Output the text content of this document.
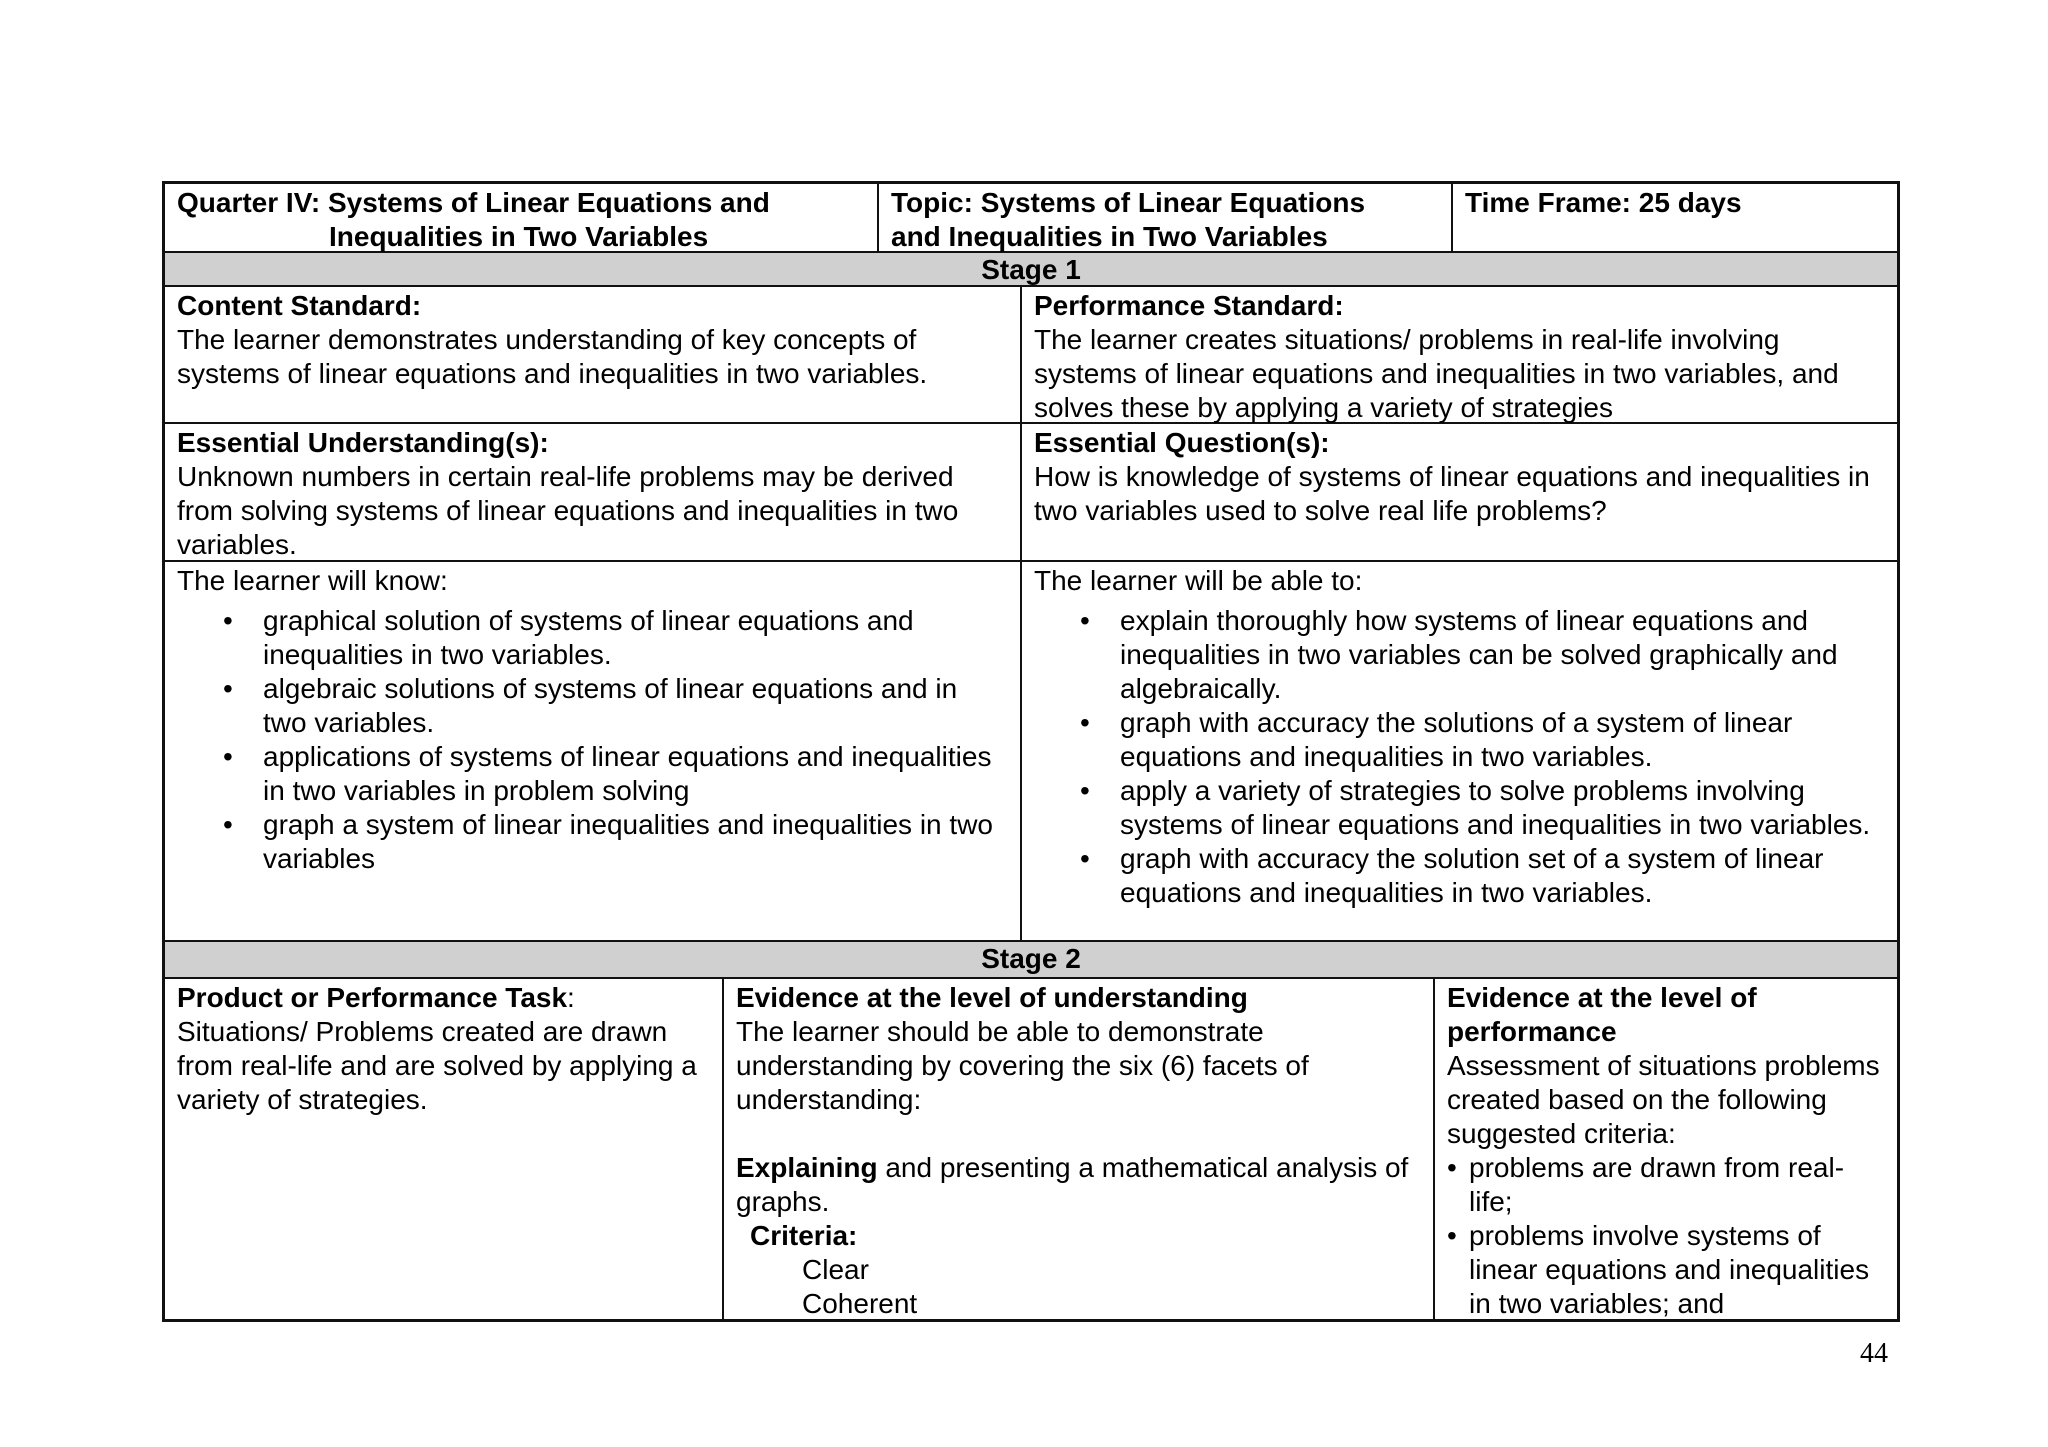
Quarter IV: Systems of Linear Equations and
Inequalities in Two Variables
Topic: Systems of Linear Equations
and Inequalities in Two Variables
Time Frame: 25 days
Stage 1
Content Standard:
The learner demonstrates understanding of key concepts of systems of linear equations and inequalities in two variables.
Performance Standard:
The learner creates situations/ problems in real-life involving systems of linear equations and inequalities in two variables, and solves these by applying a variety of strategies
Essential Understanding(s):
Unknown numbers in certain real-life problems may be derived from solving systems of linear equations and inequalities in two variables.
Essential Question(s):
How is knowledge of systems of linear equations and inequalities in two variables used to solve real life problems?
The learner will know:
• graphical solution of systems of linear equations and inequalities in two variables.
• algebraic solutions of systems of linear equations and in two variables.
• applications of systems of linear equations and inequalities in two variables in problem solving
• graph a system of linear inequalities and inequalities in two variables
The learner will be able to:
• explain thoroughly how systems of linear equations and inequalities in two variables can be solved graphically and algebraically.
• graph with accuracy the solutions of a system of linear equations and inequalities in two variables.
• apply a variety of strategies to solve problems involving systems of linear equations and inequalities in two variables.
• graph with accuracy the solution set of a system of linear equations and inequalities in two variables.
Stage 2
Product or Performance Task:
Situations/ Problems created are drawn from real-life and are solved by applying a variety of strategies.
Evidence at the level of understanding
The learner should be able to demonstrate understanding by covering the six (6) facets of understanding:
Explaining and presenting a mathematical analysis of graphs.
Criteria:
Clear
Coherent
Evidence at the level of performance
Assessment of situations problems created based on the following suggested criteria:
• problems are drawn from real-life;
• problems involve systems of linear equations and inequalities in two variables; and
44
